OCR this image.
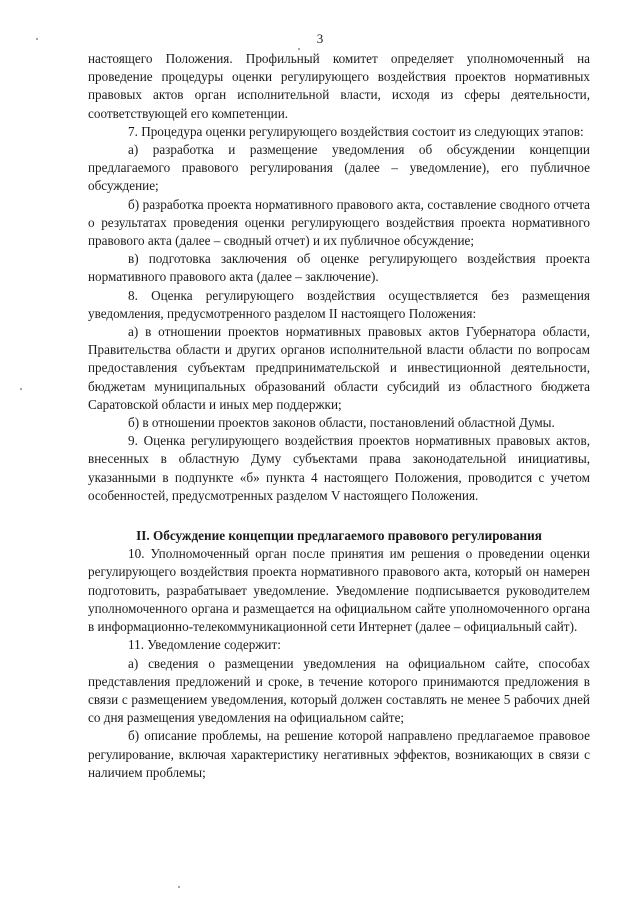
3

настоящего Положения. Профильный комитет определяет уполномоченный на проведение процедуры оценки регулирующего воздействия проектов нормативных правовых актов орган исполнительной власти, исходя из сферы деятельности, соответствующей его компетенции.

7. Процедура оценки регулирующего воздействия состоит из следующих этапов:

а) разработка и размещение уведомления об обсуждении концепции предлагаемого правового регулирования (далее – уведомление), его публичное обсуждение;

б) разработка проекта нормативного правового акта, составление сводного отчета о результатах проведения оценки регулирующего воздействия проекта нормативного правового акта (далее – сводный отчет) и их публичное обсуждение;

в) подготовка заключения об оценке регулирующего воздействия проекта нормативного правового акта (далее – заключение).

8. Оценка регулирующего воздействия осуществляется без размещения уведомления, предусмотренного разделом II настоящего Положения:

а) в отношении проектов нормативных правовых актов Губернатора области, Правительства области и других органов исполнительной власти области по вопросам предоставления субъектам предпринимательской и инвестиционной деятельности, бюджетам муниципальных образований области субсидий из областного бюджета Саратовской области и иных мер поддержки;

б) в отношении проектов законов области, постановлений областной Думы.

9. Оценка регулирующего воздействия проектов нормативных правовых актов, внесенных в областную Думу субъектами права законодательной инициативы, указанными в подпункте «б» пункта 4 настоящего Положения, проводится с учетом особенностей, предусмотренных разделом V настоящего Положения.

II. Обсуждение концепции предлагаемого правового регулирования

10. Уполномоченный орган после принятия им решения о проведении оценки регулирующего воздействия проекта нормативного правового акта, который он намерен подготовить, разрабатывает уведомление. Уведомление подписывается руководителем уполномоченного органа и размещается на официальном сайте уполномоченного органа в информационно-телекоммуникационной сети Интернет (далее – официальный сайт).

11. Уведомление содержит:

а) сведения о размещении уведомления на официальном сайте, способах представления предложений и сроке, в течение которого принимаются предложения в связи с размещением уведомления, который должен составлять не менее 5 рабочих дней со дня размещения уведомления на официальном сайте;

б) описание проблемы, на решение которой направлено предлагаемое правовое регулирование, включая характеристику негативных эффектов, возникающих в связи с наличием проблемы;
